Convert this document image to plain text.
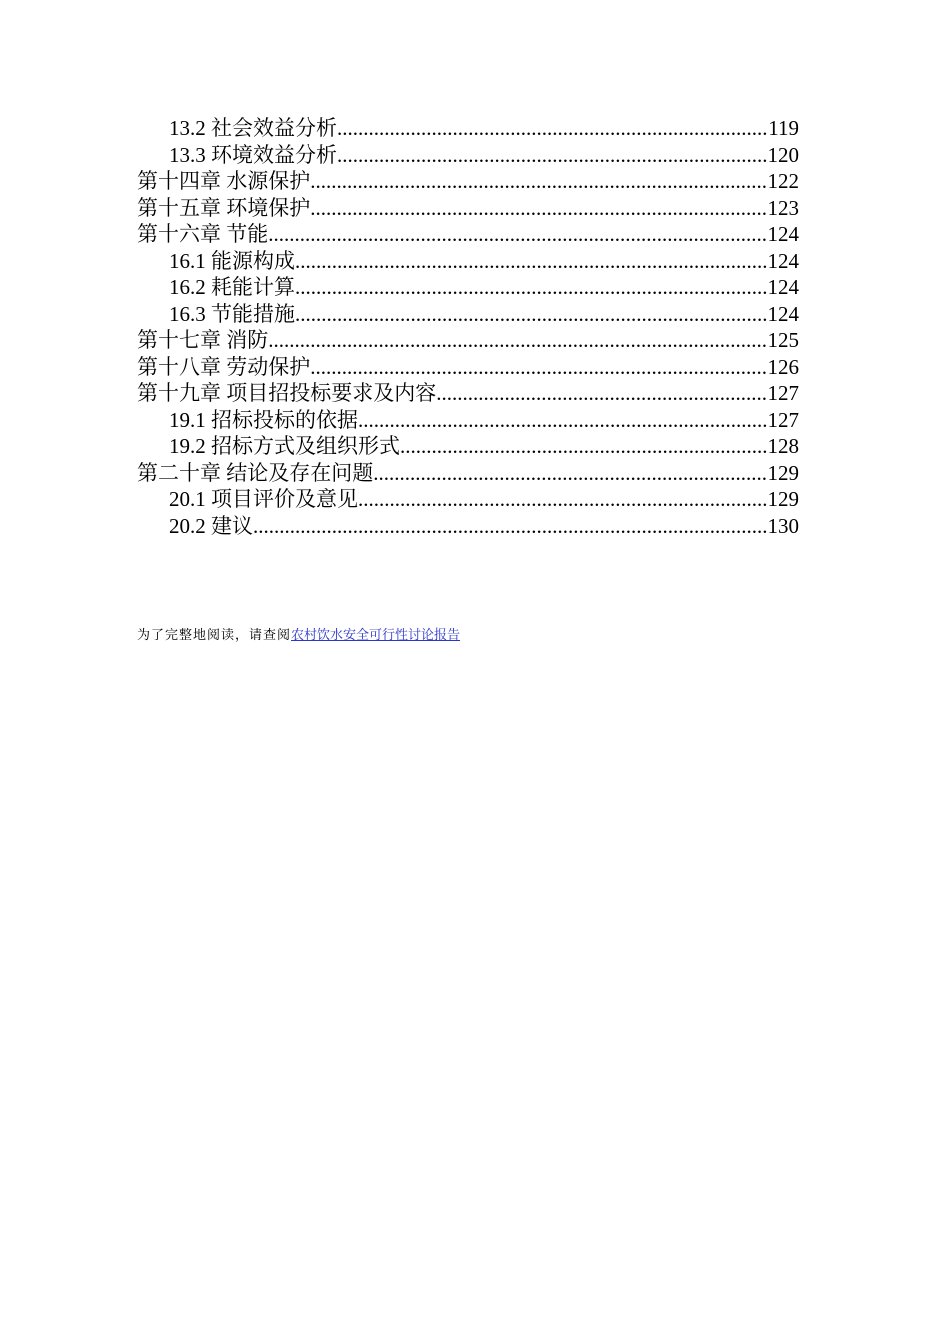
13.2 社会效益分析 .....	119
13.3 环境效益分析 .....	120
第十四章 水源保护 .....	122
第十五章 环境保护 .....	123
第十六章 节能 .....	124
16.1 能源构成 .....	124
16.2 耗能计算 .....	124
16.3 节能措施 .....	124
第十七章 消防 .....	125
第十八章 劳动保护 .....	126
第十九章 项目招投标要求及内容 .....	127
19.1 招标投标的依据 .....	127
19.2 招标方式及组织形式 .....	128
第二十章 结论及存在问题 .....	129
20.1 项目评价及意见 .....	129
20.2 建议 .....	130
为了完整地阅读，请查阅农村饮水安全可行性讨论报告
